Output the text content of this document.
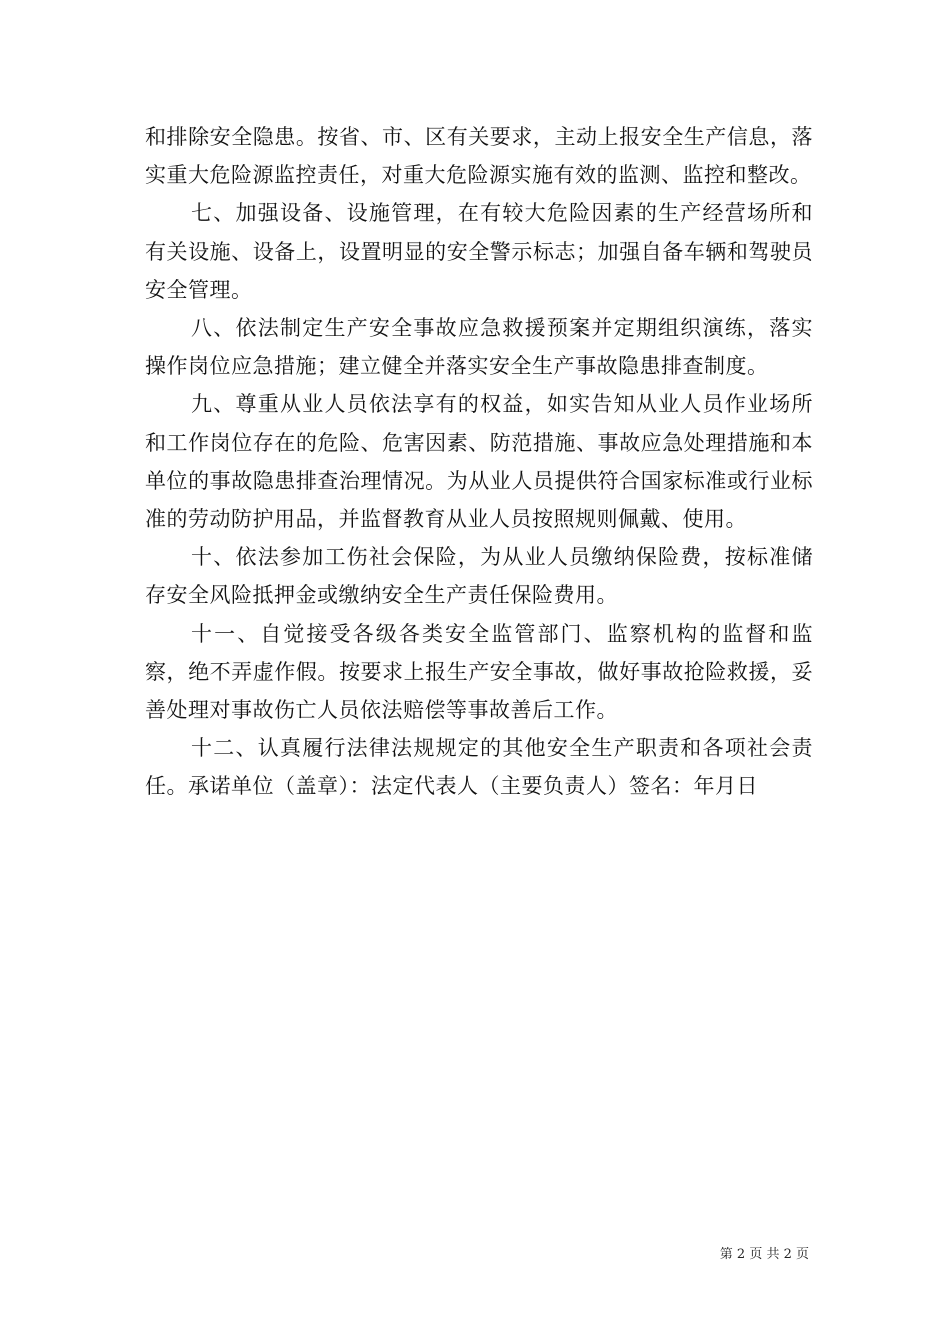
和排除安全隐患。按省、市、区有关要求，主动上报安全生产信息，落实重大危险源监控责任，对重大危险源实施有效的监测、监控和整改。

七、加强设备、设施管理，在有较大危险因素的生产经营场所和有关设施、设备上，设置明显的安全警示标志；加强自备车辆和驾驶员安全管理。

八、依法制定生产安全事故应急救援预案并定期组织演练，落实操作岗位应急措施；建立健全并落实安全生产事故隐患排查制度。

九、尊重从业人员依法享有的权益，如实告知从业人员作业场所和工作岗位存在的危险、危害因素、防范措施、事故应急处理措施和本单位的事故隐患排查治理情况。为从业人员提供符合国家标准或行业标准的劳动防护用品，并监督教育从业人员按照规则佩戴、使用。

十、依法参加工伤社会保险，为从业人员缴纳保险费，按标准储存安全风险抵押金或缴纳安全生产责任保险费用。

十一、自觉接受各级各类安全监管部门、监察机构的监督和监察，绝不弄虚作假。按要求上报生产安全事故，做好事故抢险救援，妥善处理对事故伤亡人员依法赔偿等事故善后工作。

十二、认真履行法律法规规定的其他安全生产职责和各项社会责任。承诺单位（盖章）：法定代表人（主要负责人）签名：年月日

第 2 页 共 2 页
